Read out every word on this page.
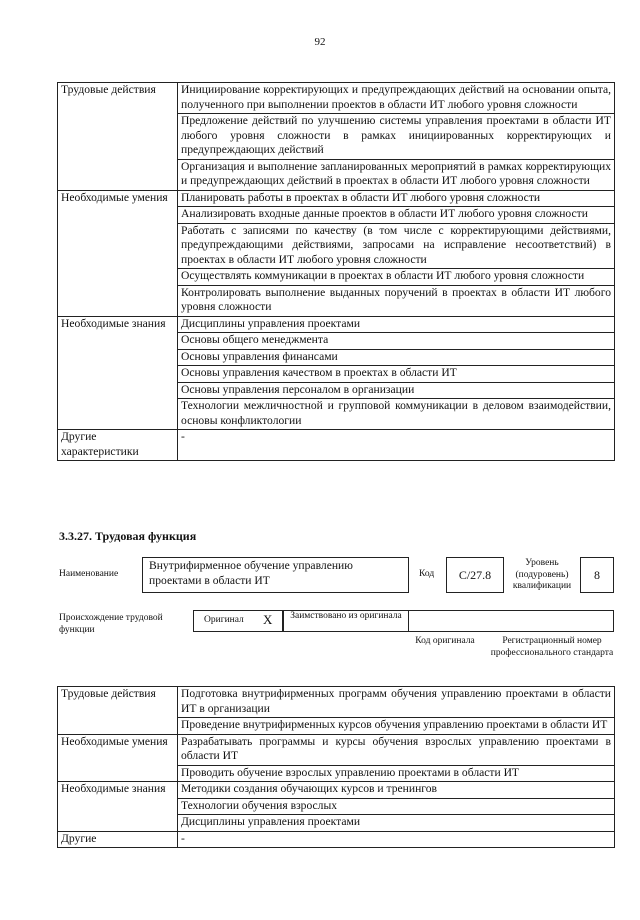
92
Трудовые действия	Инициирование корректирующих и предупреждающих действий на основании опыта, полученного при выполнении проектов в области ИТ любого уровня сложности
	Предложение действий по улучшению системы управления проектами в области ИТ любого уровня сложности в рамках инициированных корректирующих и предупреждающих действий
	Организация и выполнение запланированных мероприятий в рамках корректирующих и предупреждающих действий в проектах в области ИТ любого уровня сложности
Необходимые умения	Планировать работы в проектах в области ИТ любого уровня сложности
	Анализировать входные данные проектов в области ИТ любого уровня сложности
	Работать с записями по качеству (в том числе с корректирующими действиями, предупреждающими действиями, запросами на исправление несоответствий) в проектах в области ИТ любого уровня сложности
	Осуществлять коммуникации в проектах в области ИТ любого уровня сложности
	Контролировать выполнение выданных поручений в проектах в области ИТ любого уровня сложности
Необходимые знания	Дисциплины управления проектами
	Основы общего менеджмента
	Основы управления финансами
	Основы управления качеством в проектах в области ИТ
	Основы управления персоналом в организации
	Технологии межличностной и групповой коммуникации в деловом взаимодействии, основы конфликтологии
Другие характеристики	-
3.3.27. Трудовая функция
Наименование
Внутрифирменное обучение управлению проектами в области ИТ	Код	C/27.8
Уровень (подуровень) квалификации
8
Происхождение трудовой функции
Оригинал X	Заимствовано из оригинала
Код оригинала	Регистрационный номер профессионального стандарта
Трудовые действия	Подготовка внутрифирменных программ обучения управлению проектами в области ИТ в организации
	Проведение внутрифирменных курсов обучения управлению проектами в области ИТ
Необходимые умения	Разрабатывать программы и курсы обучения взрослых управлению проектами в области ИТ
	Проводить обучение взрослых управлению проектами в области ИТ
Необходимые знания	Методики создания обучающих курсов и тренингов
	Технологии обучения взрослых
	Дисциплины управления проектами
Другие	-
